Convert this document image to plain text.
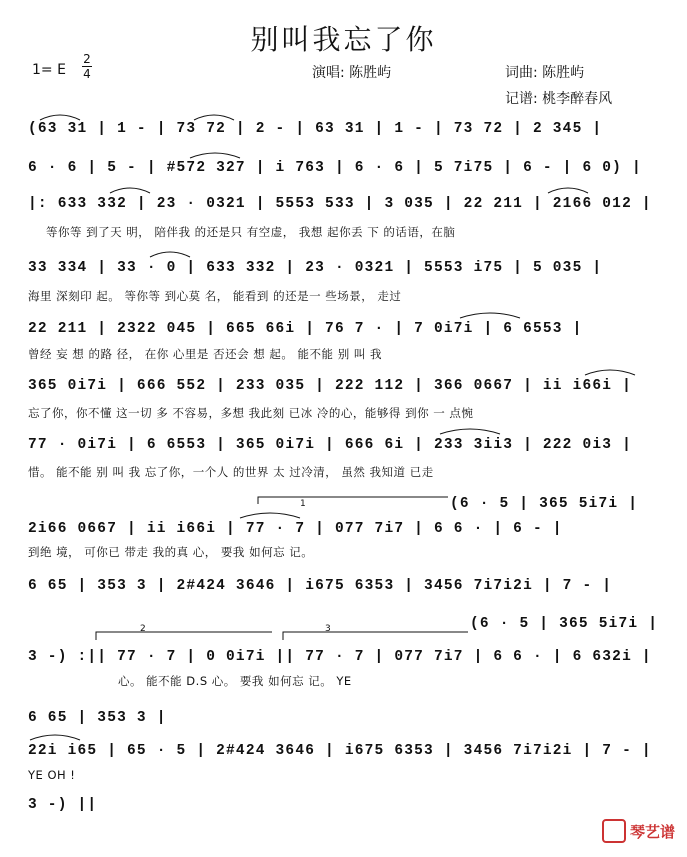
别叫我忘了你
1= E
2
4	演唱: 陈胜屿	词曲: 陈胜屿
记谱: 桃李醉春风
(63 31 | 1 - | 73 72 | 2 - | 63 31 | 1 - | 73 72 | 2 345 |
6 · 6 | 5 - | #572 327 | i 763 | 6 · 6 | 5 7i75 | 6 - | 6 0) |
|: 633 332 | 23 · 0321 | 5553 533 | 3 035 | 22 211 | 2166 012 |
等你等 到了天 明， 陪伴我 的还是只 有空虚， 我想 起你丢 下 的话语，在脑
33 334 | 33 · 0 | 633 332 | 23 · 0321 | 5553 i75 | 5 035 |
海里 深刻印 起。 等你等 到心莫 名， 能看到 的还是一 些场景， 走过
22 211 | 2322 045 | 665 66i | 76 7 · | 7 0i7i | 6 6553 |
曾经 妄 想 的路 径， 在你 心里是 否还会 想 起。 能不能 别 叫 我
365 0i7i | 666 552 | 233 035 | 222 112 | 366 0667 | ii i66i |
忘了你，你不懂 这一切 多 不容易，多想 我此刻 已冰 冷的心，能够得 到你 一 点惋
77 · 0i7i | 6 6553 | 365 0i7i | 666 6i | 233 3ii3 | 222 0i3 |
惜。 能不能 别 叫 我 忘了你，一个人 的世界 太 过冷清， 虽然 我知道 已走
(6 · 5 | 365 5i7i |
2i66 0667 | ii i66i | 77 · 7 | 077 7i7 | 6 6 · | 6 - |
到绝 境， 可你已 带走 我的真 心， 要我 如何忘 记。
6 65 | 353 3 | 2#424 3646 | i675 6353 | 3456 7i7i2i | 7 - |
(6 · 5 | 365 5i7i |
3 -) :|| 77 · 7 | 0 0i7i || 77 · 7 | 077 7i7 | 6 6 · | 6 632i |
心。 能不能 D.S 心。 要我 如何忘 记。 YE
6 65 | 353 3 |
22i i65 | 65 · 5 | 2#424 3646 | i675 6353 | 3456 7i7i2i | 7 - |
YE OH !
3 -) ||
1
2	3
琴艺谱
